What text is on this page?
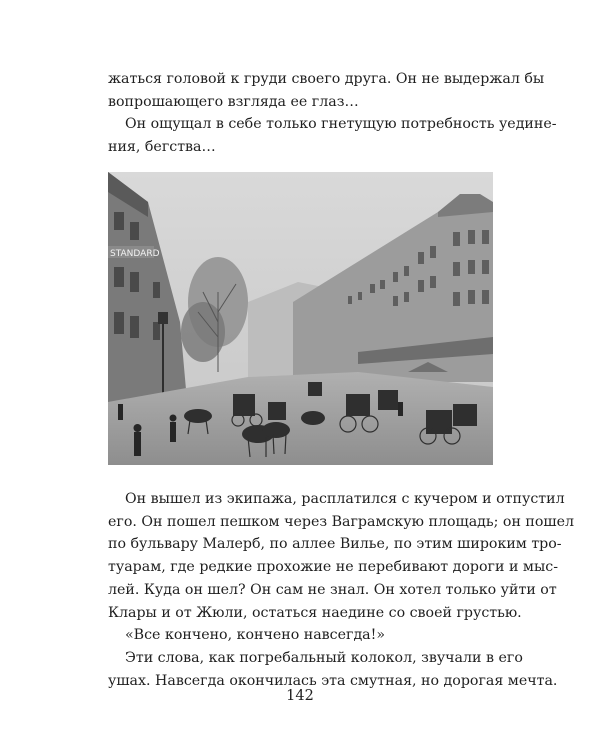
жаться головой к груди своего друга. Он не выдержал бы
вопрошающего взгляда ее глаз…
Он ощущал в себе только гнетущую потребность уедине-
ния, бегства…
STANDARD
Он вышел из экипажа, расплатился с кучером и отпустил
его. Он пошел пешком через Ваграмскую площадь; он пошел
по бульвару Малерб, по аллее Вилье, по этим широким тро-
туарам, где редкие прохожие не перебивают дороги и мыс-
лей. Куда он шел? Он сам не знал. Он хотел только уйти от
Клары и от Жюли, остаться наедине со своей грустью.
«Все кончено, кончено навсегда!»
Эти слова, как погребальный колокол, звучали в его
ушах. Навсегда окончилась эта смутная, но дорогая мечта.
142
